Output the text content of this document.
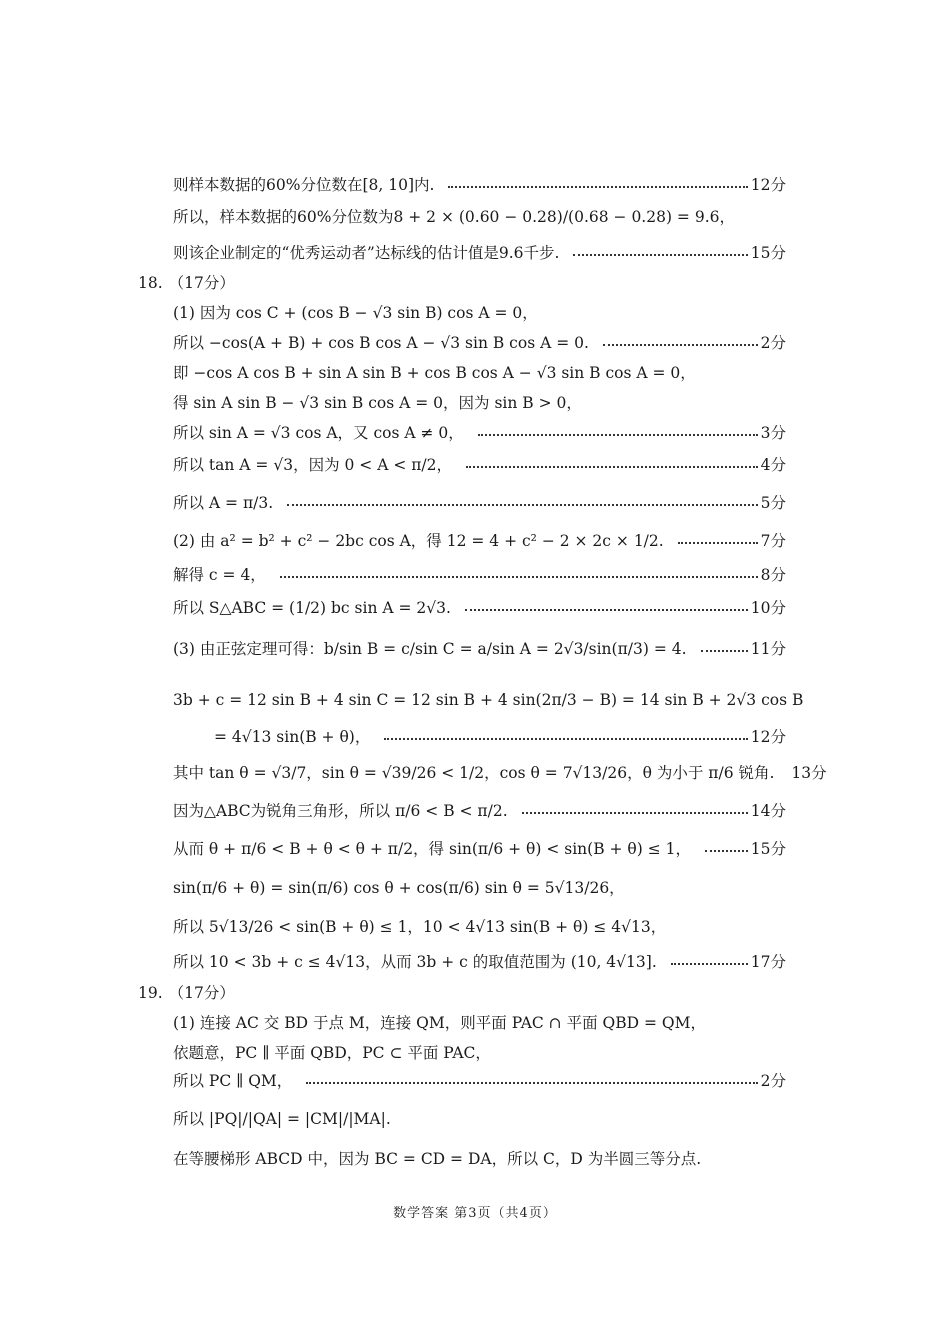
则样本数据的60%分位数在[8, 10]内.	12分
所以，样本数据的60%分位数为8 + 2 × (0.60 − 0.28)/(0.68 − 0.28) = 9.6，
则该企业制定的“优秀运动者”达标线的估计值是9.6千步.	15分
18. （17分）
(1) 因为 cos C + (cos B − √3 sin B) cos A = 0，
所以 −cos(A + B) + cos B cos A − √3 sin B cos A = 0.	2分
即 −cos A cos B + sin A sin B + cos B cos A − √3 sin B cos A = 0，
得 sin A sin B − √3 sin B cos A = 0，因为 sin B > 0，
所以 sin A = √3 cos A，又 cos A ≠ 0，	3分
所以 tan A = √3，因为 0 < A < π/2，	4分
所以 A = π/3.	5分
(2) 由 a² = b² + c² − 2bc cos A，得 12 = 4 + c² − 2 × 2c × 1/2.	7分
解得 c = 4，	8分
所以 S△ABC = (1/2) bc sin A = 2√3.	10分
(3) 由正弦定理可得：b/sin B = c/sin C = a/sin A = 2√3/sin(π/3) = 4.	11分
3b + c = 12 sin B + 4 sin C = 12 sin B + 4 sin(2π/3 − B) = 14 sin B + 2√3 cos B
= 4√13 sin(B + θ)，	12分
其中 tan θ = √3/7，sin θ = √39/26 < 1/2，cos θ = 7√13/26，θ 为小于 π/6 锐角. 13分
因为△ABC为锐角三角形，所以 π/6 < B < π/2.	14分
从而 θ + π/6 < B + θ < θ + π/2，得 sin(π/6 + θ) < sin(B + θ) ≤ 1，	15分
sin(π/6 + θ) = sin(π/6) cos θ + cos(π/6) sin θ = 5√13/26，
所以 5√13/26 < sin(B + θ) ≤ 1，10 < 4√13 sin(B + θ) ≤ 4√13，
所以 10 < 3b + c ≤ 4√13，从而 3b + c 的取值范围为 (10, 4√13].	17分
19. （17分）
(1) 连接 AC 交 BD 于点 M，连接 QM，则平面 PAC ∩ 平面 QBD = QM，
依题意，PC ∥ 平面 QBD，PC ⊂ 平面 PAC，
所以 PC ∥ QM，	2分
所以 |PQ|/|QA| = |CM|/|MA|.
在等腰梯形 ABCD 中，因为 BC = CD = DA，所以 C，D 为半圆三等分点.
数学答案 第3页（共4页）
